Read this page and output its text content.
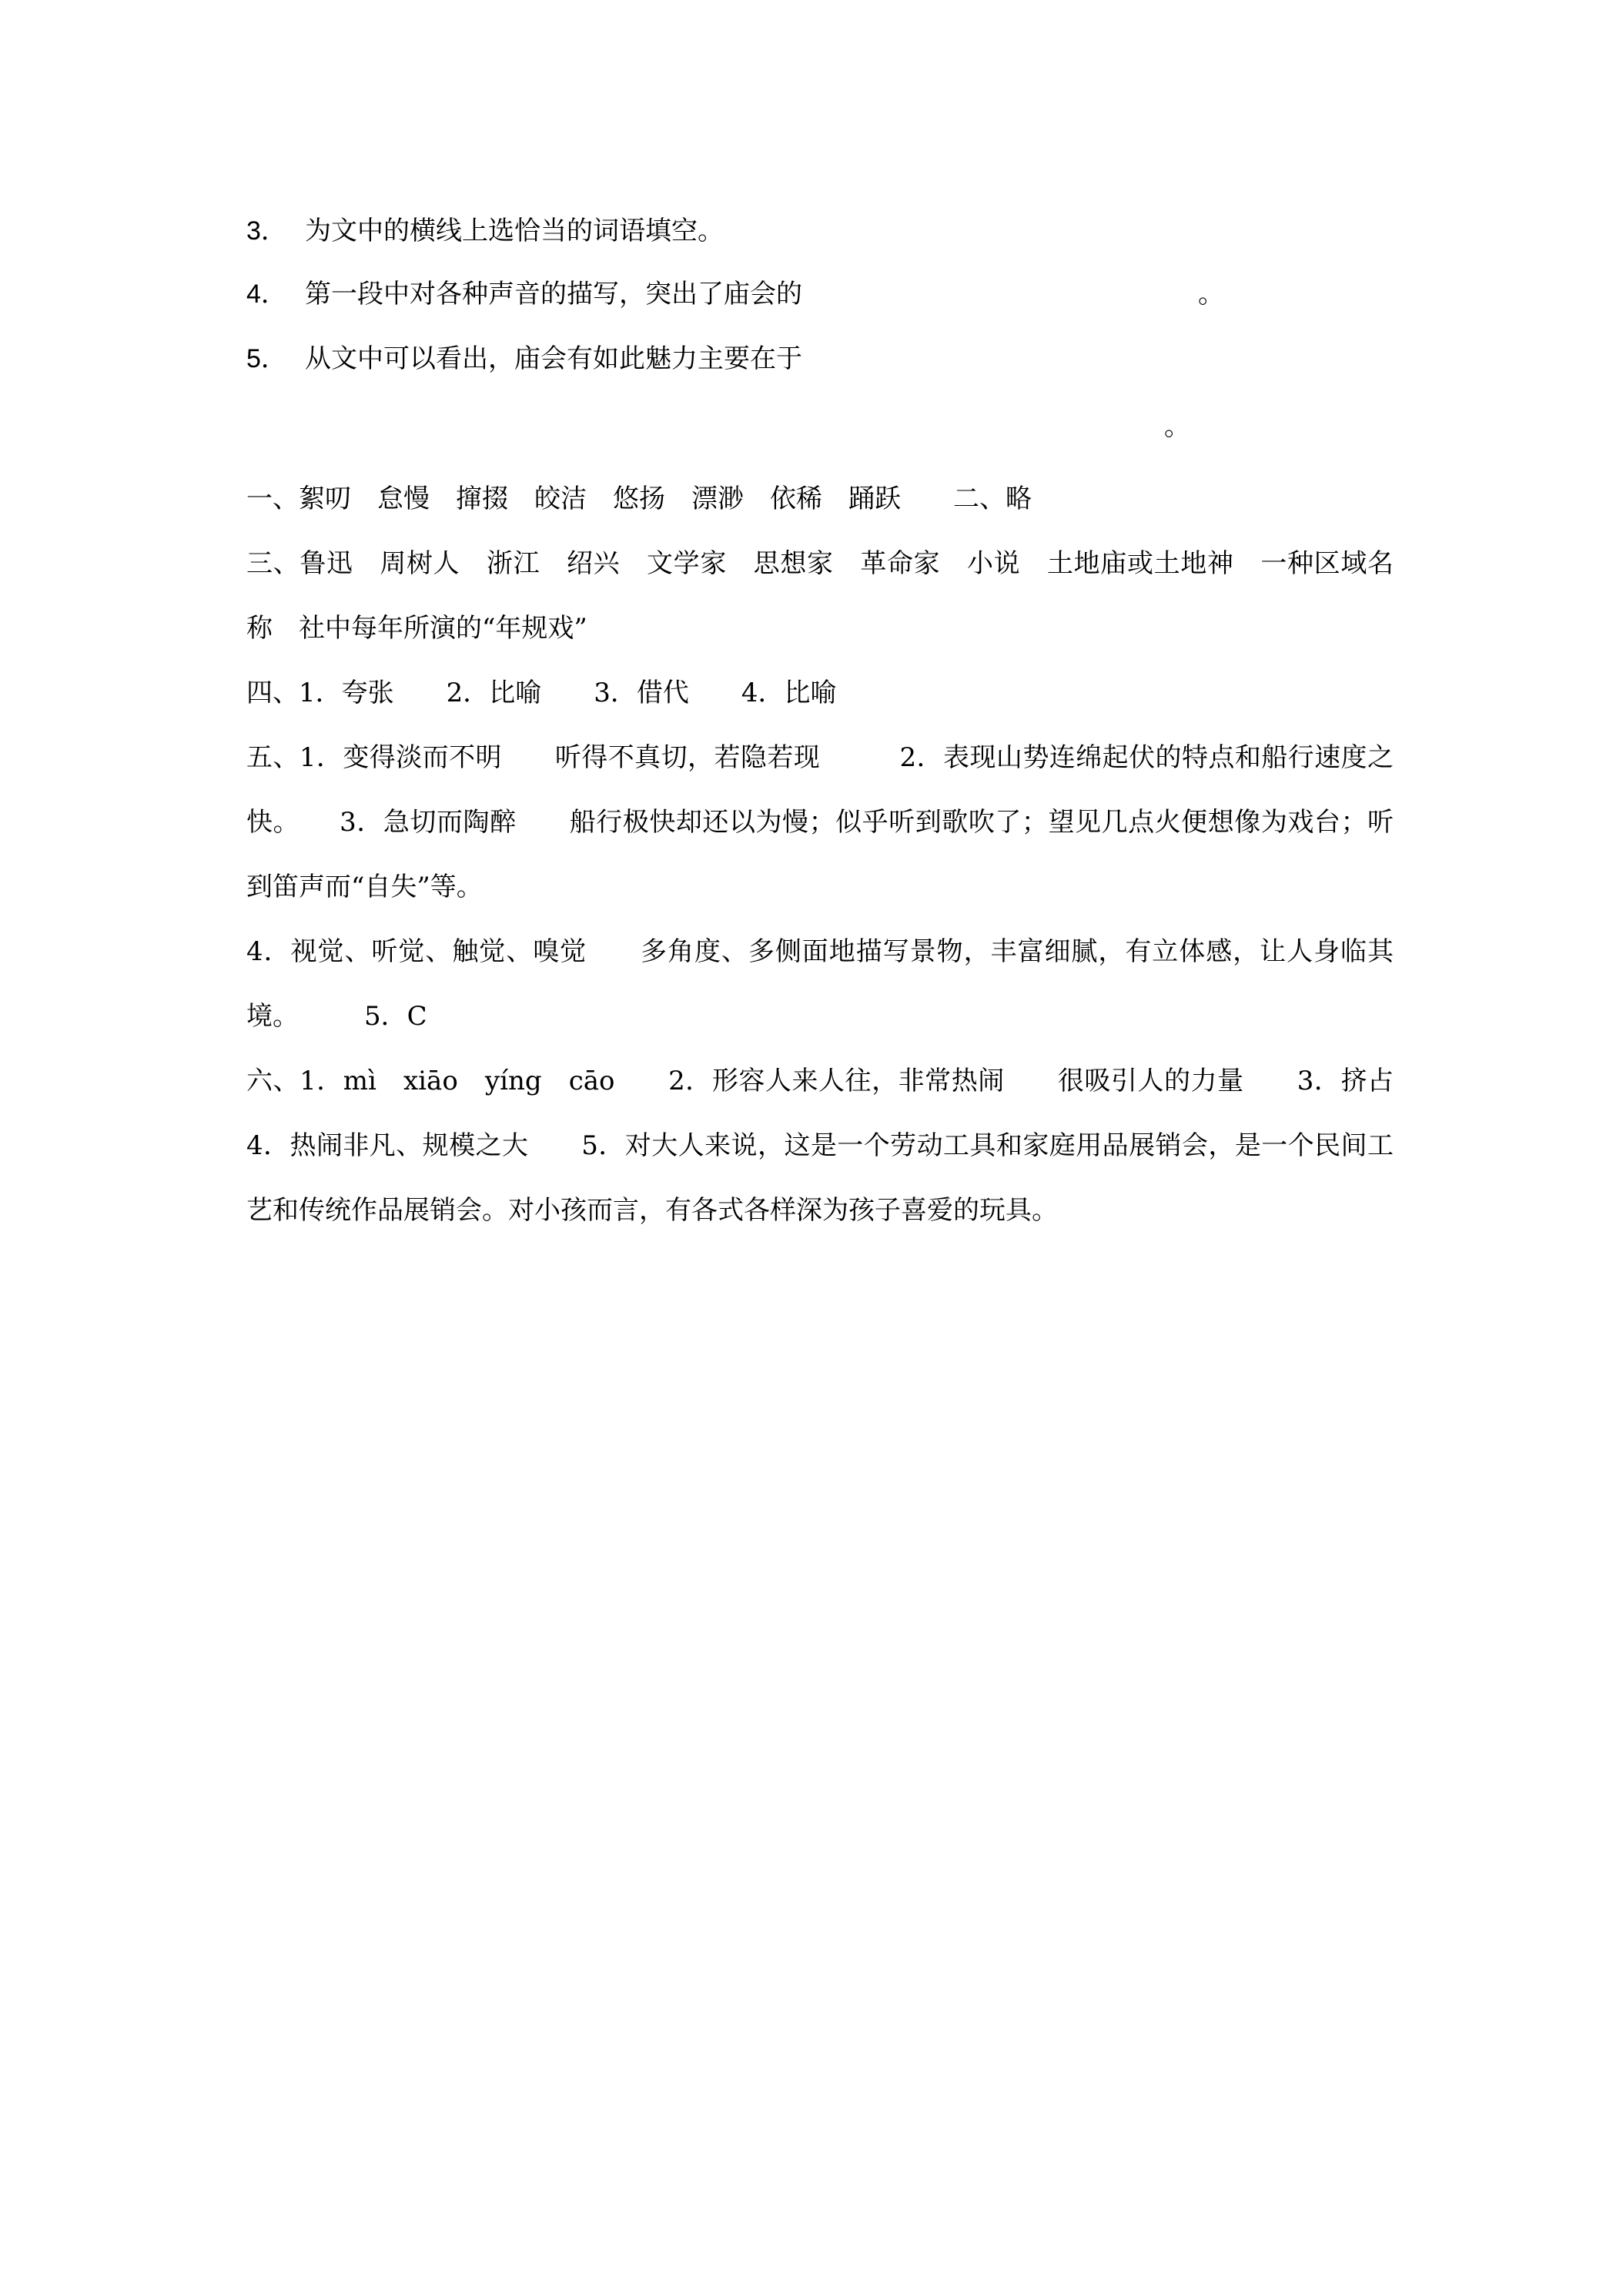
3． 为文中的横线上选恰当的词语填空。
4． 第一段中对各种声音的描写，突出了庙会的	。
5． 从文中可以看出，庙会有如此魅力主要在于
。

一、絮叨　怠慢　撺掇　皎洁　悠扬　漂渺　依稀　踊跃　　二、略

三、鲁迅　周树人　浙江　绍兴　文学家　思想家　革命家　小说　土地庙或土地神　一种区域名称　社中每年所演的“年规戏”

四、1．夸张　　2．比喻　　3．借代　　4．比喻

五、1．变得淡而不明　　听得不真切，若隐若现　　　2．表现山势连绵起伏的特点和船行速度之快。　　3．急切而陶醉　　船行极快却还以为慢；似乎听到歌吹了；望见几点火便想像为戏台；听到笛声而“自失”等。

4．视觉、听觉、触觉、嗅觉　　多角度、多侧面地描写景物，丰富细腻，有立体感，让人身临其境。　　　5．C

六、1．mì　xiāo　yíng　cāo　　2．形容人来人往，非常热闹　　很吸引人的力量　　3．挤占　　4．热闹非凡、规模之大　　5．对大人来说，这是一个劳动工具和家庭用品展销会，是一个民间工艺和传统作品展销会。对小孩而言，有各式各样深为孩子喜爱的玩具。
